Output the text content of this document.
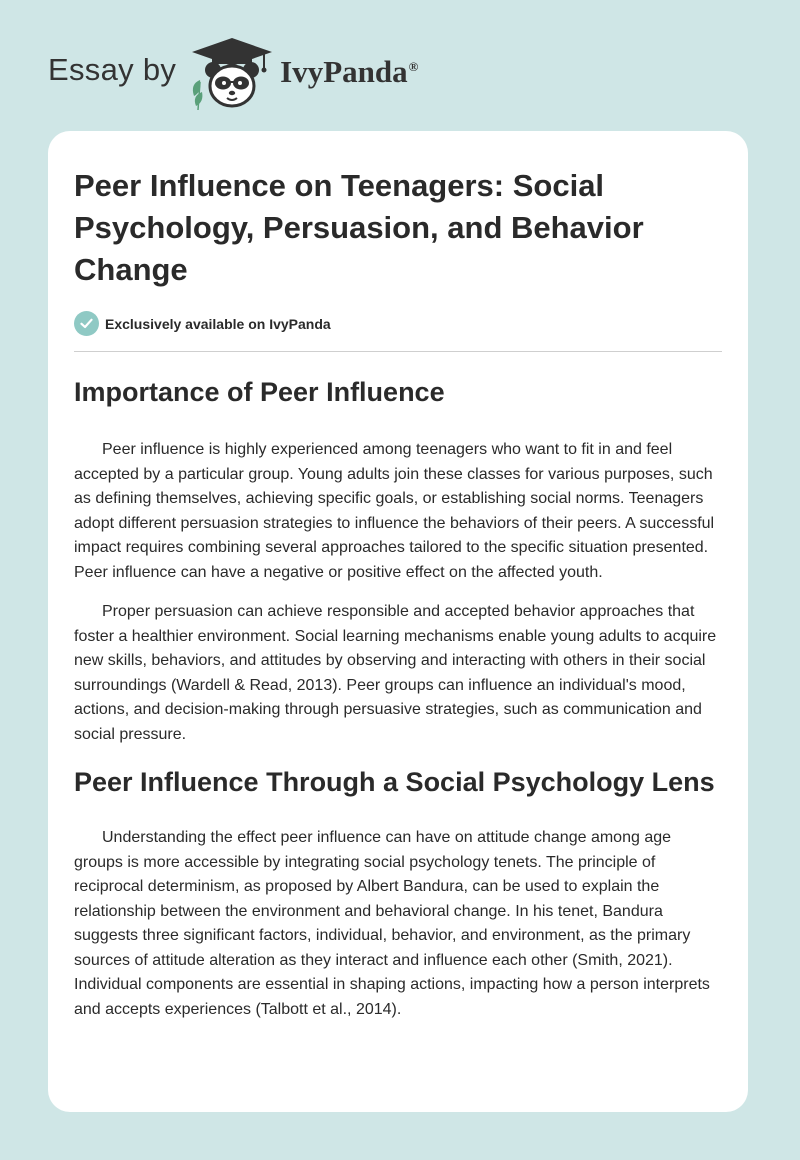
Essay by	IvyPanda®
Peer Influence on Teenagers: Social Psychology, Persuasion, and Behavior Change
Exclusively available on IvyPanda
Importance of Peer Influence

Peer influence is highly experienced among teenagers who want to fit in and feel accepted by a particular group. Young adults join these classes for various purposes, such as defining themselves, achieving specific goals, or establishing social norms. Teenagers adopt different persuasion strategies to influence the behaviors of their peers. A successful impact requires combining several approaches tailored to the specific situation presented. Peer influence can have a negative or positive effect on the affected youth.

Proper persuasion can achieve responsible and accepted behavior approaches that foster a healthier environment. Social learning mechanisms enable young adults to acquire new skills, behaviors, and attitudes by observing and interacting with others in their social surroundings (Wardell & Read, 2013). Peer groups can influence an individual's mood, actions, and decision-making through persuasive strategies, such as communication and social pressure.

Peer Influence Through a Social Psychology Lens

Understanding the effect peer influence can have on attitude change among age groups is more accessible by integrating social psychology tenets. The principle of reciprocal determinism, as proposed by Albert Bandura, can be used to explain the relationship between the environment and behavioral change. In his tenet, Bandura suggests three significant factors, individual, behavior, and environment, as the primary sources of attitude alteration as they interact and influence each other (Smith, 2021). Individual components are essential in shaping actions, impacting how a person interprets and accepts experiences (Talbott et al., 2014).
